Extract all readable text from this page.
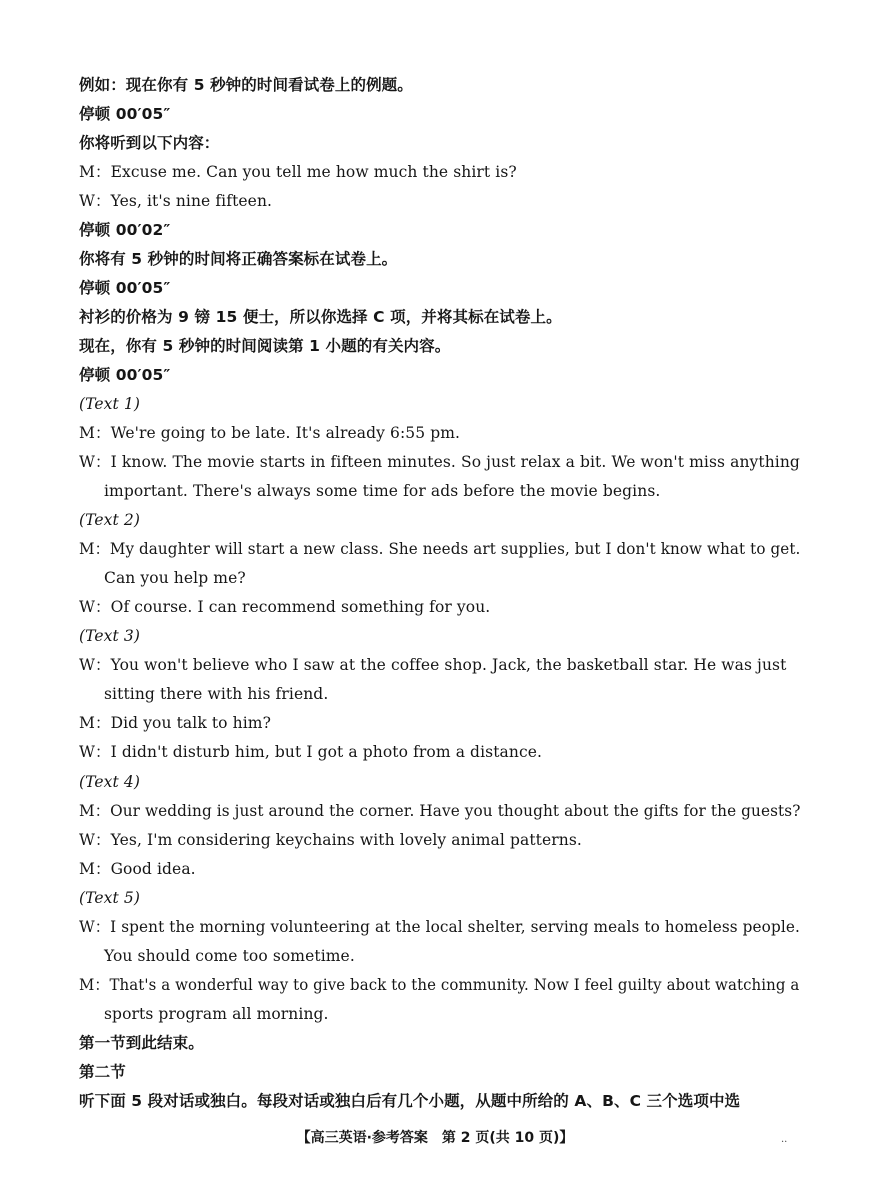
例如：现在你有 5 秒钟的时间看试卷上的例题。
停顿 00′05″
你将听到以下内容：
M：Excuse me. Can you tell me how much the shirt is?
W：Yes, it's nine fifteen.
停顿 00′02″
你将有 5 秒钟的时间将正确答案标在试卷上。
停顿 00′05″
衬衫的价格为 9 镑 15 便士，所以你选择 C 项，并将其标在试卷上。
现在，你有 5 秒钟的时间阅读第 1 小题的有关内容。
停顿 00′05″
(Text 1)
M：We're going to be late. It's already 6:55 pm.
W：I know. The movie starts in fifteen minutes. So just relax a bit. We won't miss anything
important. There's always some time for ads before the movie begins.
(Text 2)
M：My daughter will start a new class. She needs art supplies, but I don't know what to get.
Can you help me?
W：Of course. I can recommend something for you.
(Text 3)
W：You won't believe who I saw at the coffee shop. Jack, the basketball star. He was just
sitting there with his friend.
M：Did you talk to him?
W：I didn't disturb him, but I got a photo from a distance.
(Text 4)
M：Our wedding is just around the corner. Have you thought about the gifts for the guests?
W：Yes, I'm considering keychains with lovely animal patterns.
M：Good idea.
(Text 5)
W：I spent the morning volunteering at the local shelter, serving meals to homeless people.
You should come too sometime.
M：That's a wonderful way to give back to the community. Now I feel guilty about watching a
sports program all morning.
第一节到此结束。
第二节
听下面 5 段对话或独白。每段对话或独白后有几个小题，从题中所给的 A、B、C 三个选项中选
【高三英语·参考答案　第 2 页(共 10 页)】	..
